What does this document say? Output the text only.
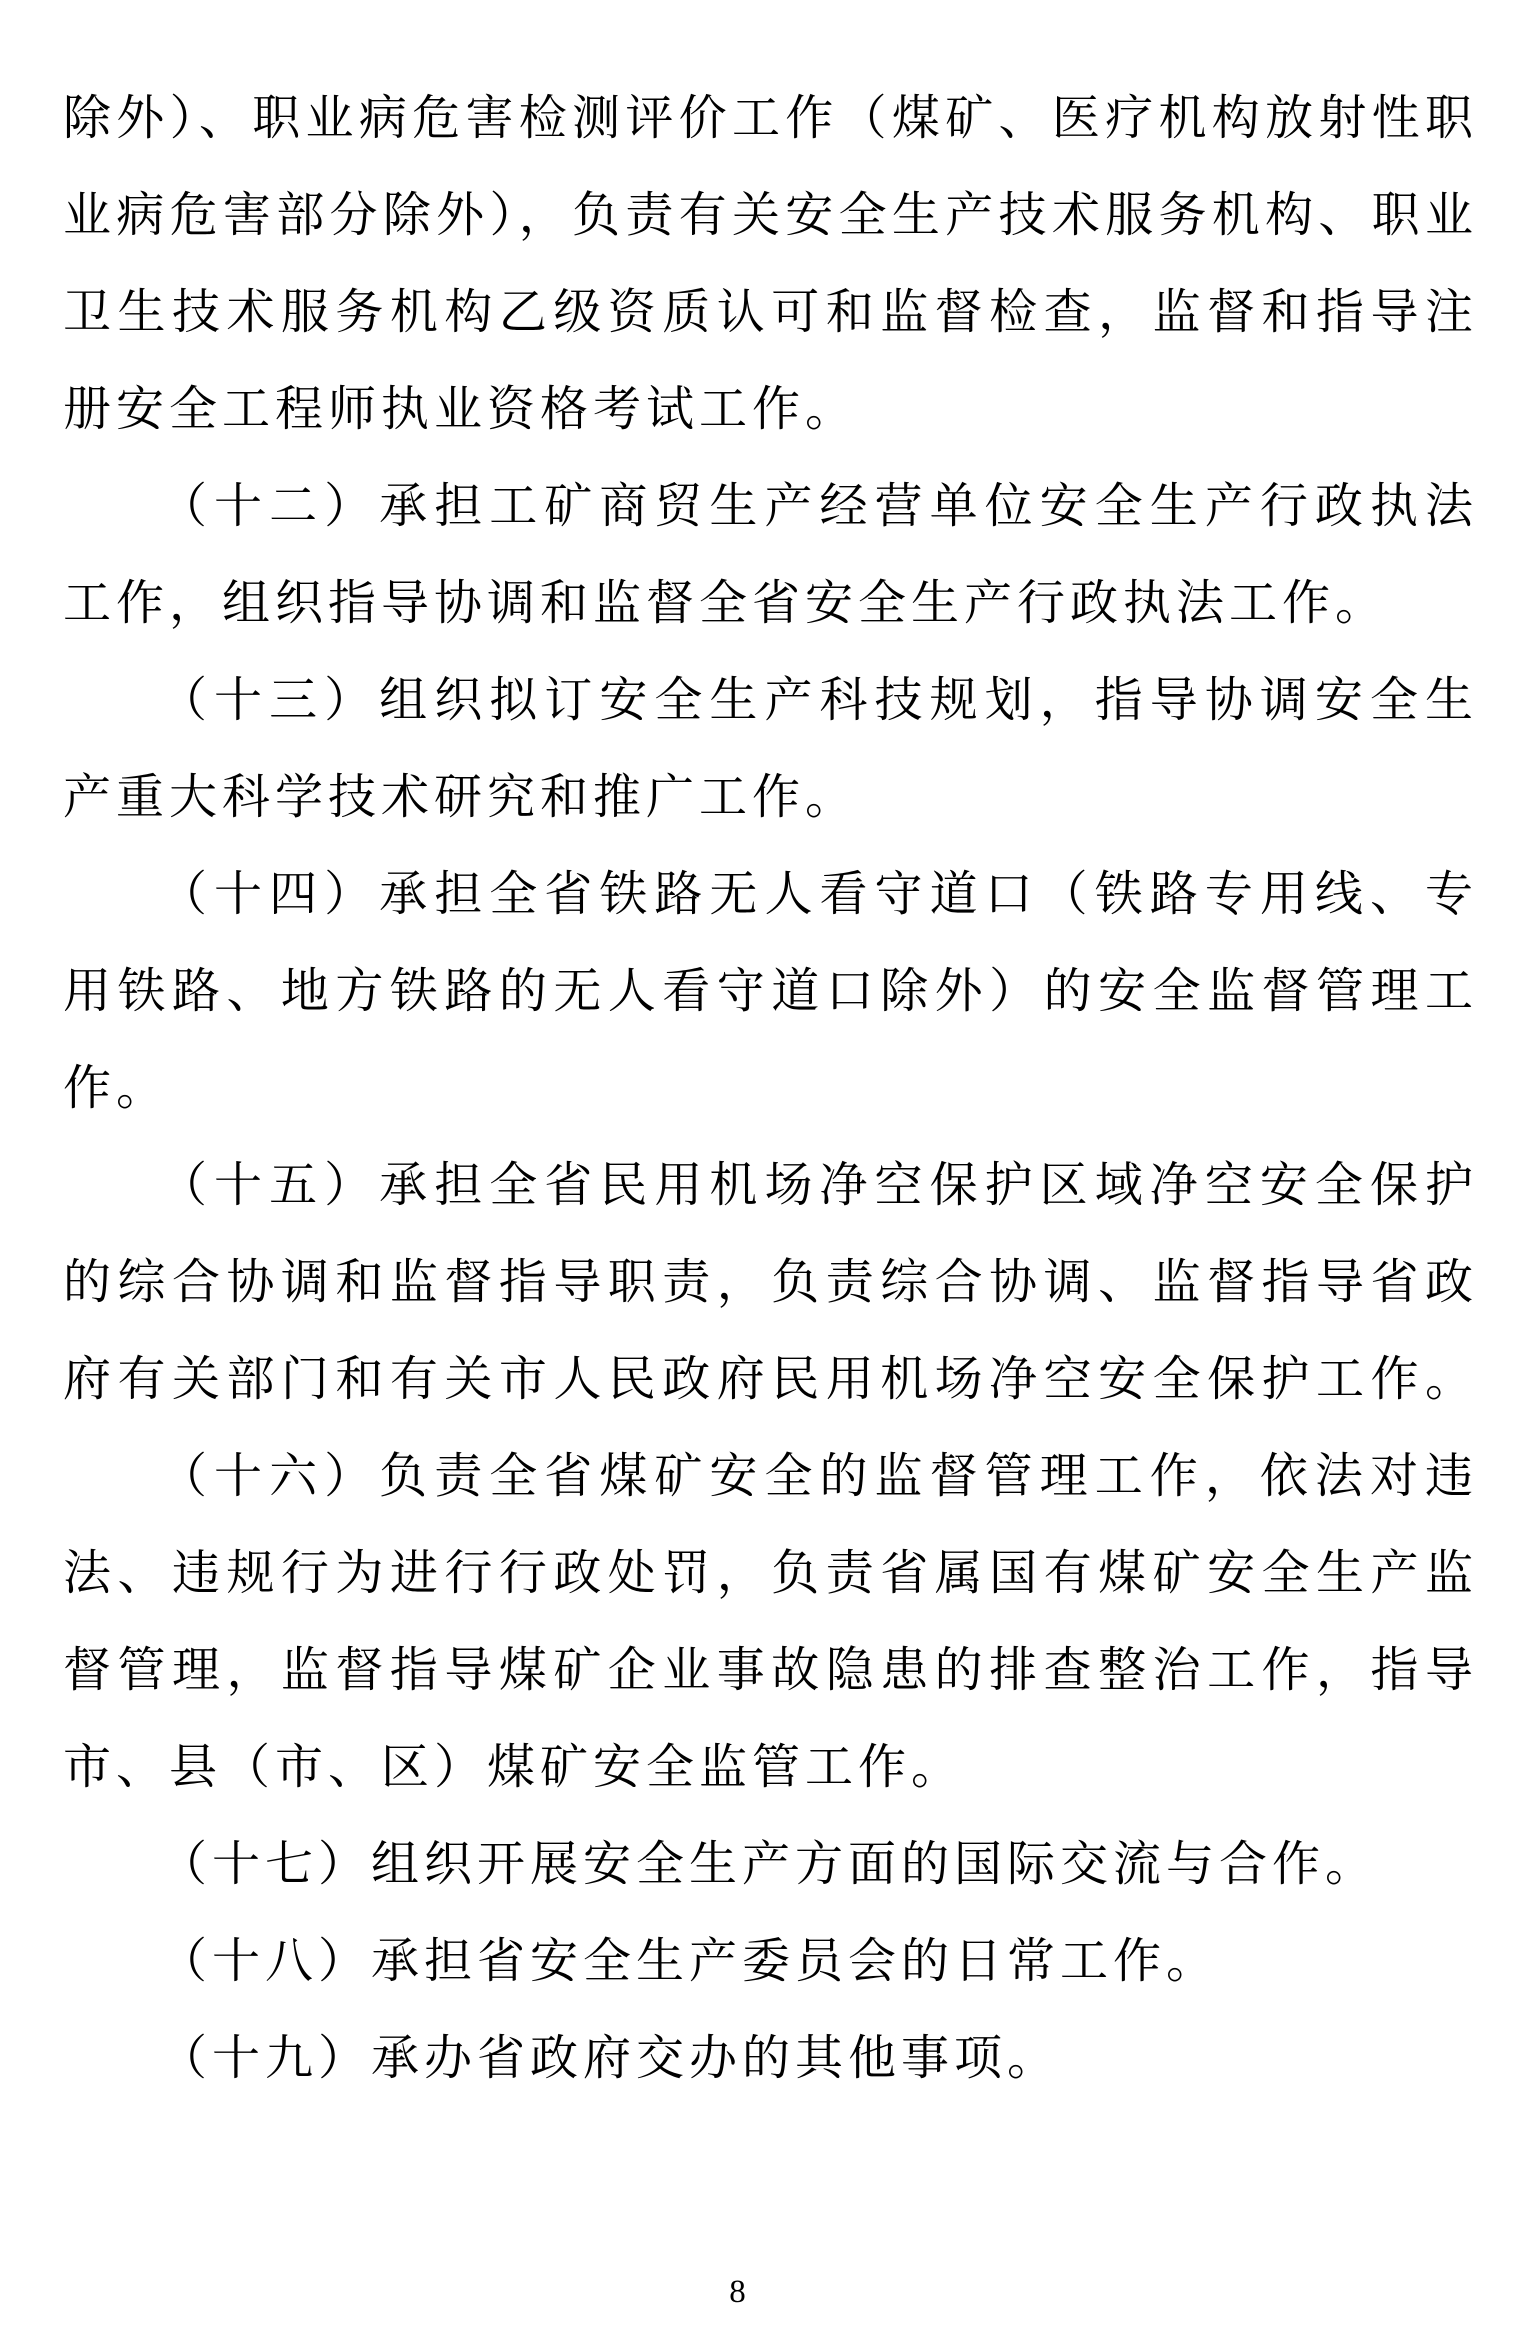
除外）、职业病危害检测评价工作（煤矿、医疗机构放射性职
业病危害部分除外），负责有关安全生产技术服务机构、职业
卫生技术服务机构乙级资质认可和监督检查，监督和指导注
册安全工程师执业资格考试工作。
（十二）承担工矿商贸生产经营单位安全生产行政执法
工作，组织指导协调和监督全省安全生产行政执法工作。
（十三）组织拟订安全生产科技规划，指导协调安全生
产重大科学技术研究和推广工作。
（十四）承担全省铁路无人看守道口（铁路专用线、专
用铁路、地方铁路的无人看守道口除外）的安全监督管理工
作。
（十五）承担全省民用机场净空保护区域净空安全保护
的综合协调和监督指导职责，负责综合协调、监督指导省政
府有关部门和有关市人民政府民用机场净空安全保护工作。
（十六）负责全省煤矿安全的监督管理工作，依法对违
法、违规行为进行行政处罚，负责省属国有煤矿安全生产监
督管理，监督指导煤矿企业事故隐患的排查整治工作，指导
市、县（市、区）煤矿安全监管工作。
（十七）组织开展安全生产方面的国际交流与合作。
（十八）承担省安全生产委员会的日常工作。
（十九）承办省政府交办的其他事项。
8
